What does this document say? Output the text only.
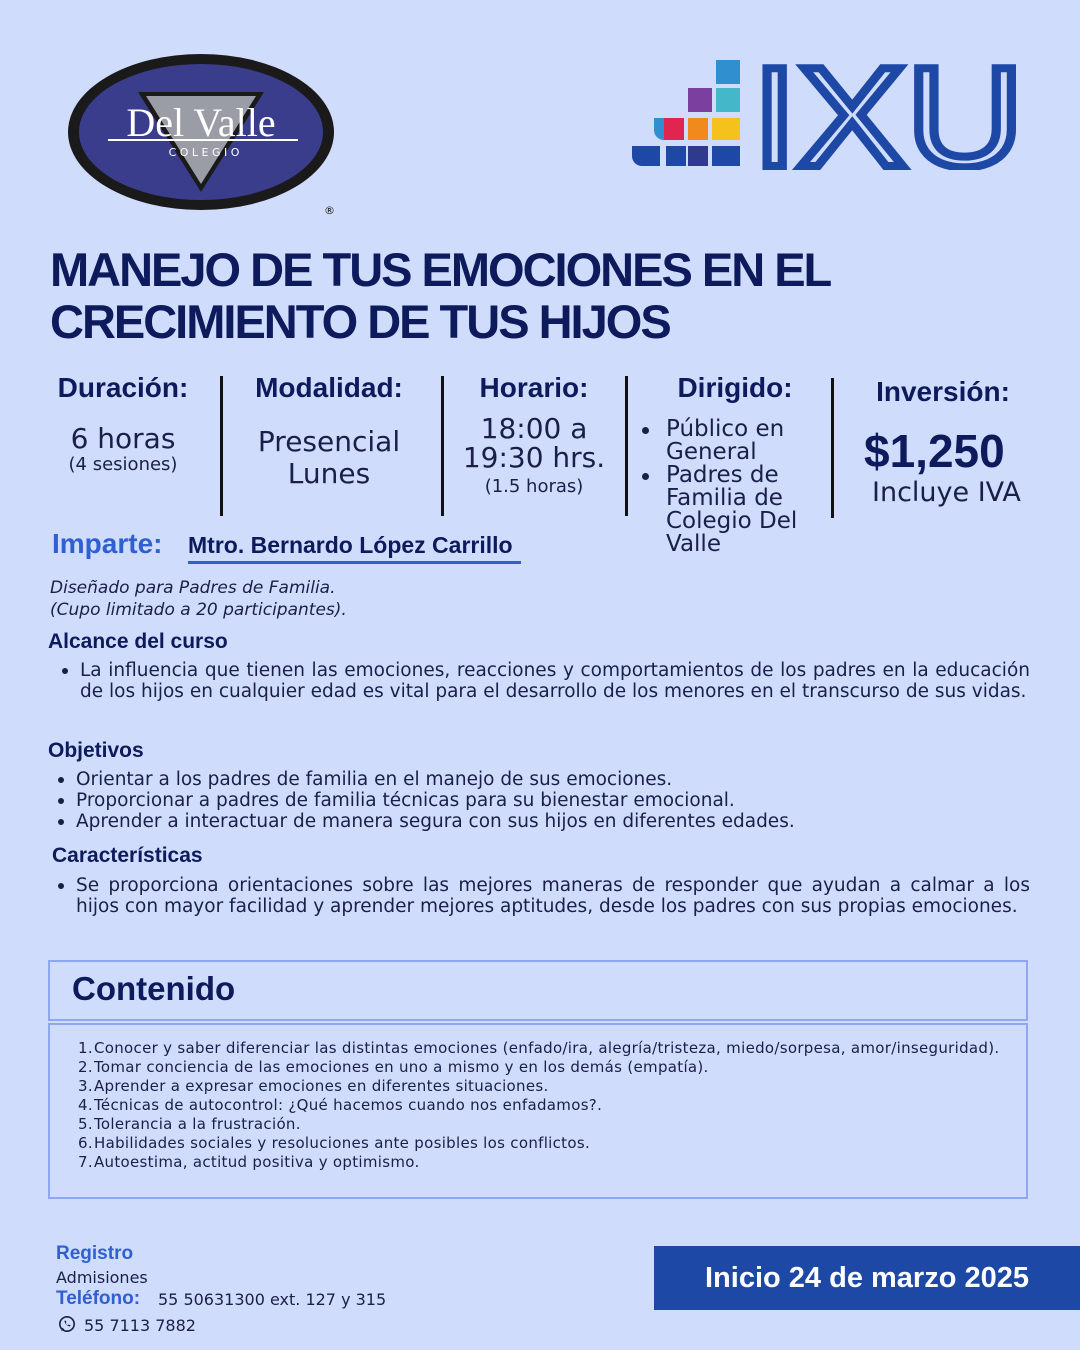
Del Valle
C O L E G I O
®
IXU
MANEJO DE TUS EMOCIONES EN EL
CRECIMIENTO DE TUS HIJOS
Duración:
6 horas
(4 sesiones)
Modalidad:
Presencial
Lunes
Horario:
18:00 a
19:30 hrs.
(1.5 horas)
Dirigido:
Público en General
Padres de Familia de Colegio Del Valle
Inversión:
$1,250
Incluye IVA
Imparte: Mtro. Bernardo López Carrillo
Diseñado para Padres de Familia.
(Cupo limitado a 20 participantes).
Alcance del curso
La influencia que tienen las emociones, reacciones y comportamientos de los padres en la educación de los hijos en cualquier edad es vital para el desarrollo de los menores en el transcurso de sus vidas.
Objetivos
Orientar a los padres de familia en el manejo de sus emociones.
Proporcionar a padres de familia técnicas para su bienestar emocional.
Aprender a interactuar de manera segura con sus hijos en diferentes edades.
Características
Se proporciona orientaciones sobre las mejores maneras de responder que ayudan a calmar a los hijos con mayor facilidad y aprender mejores aptitudes, desde los padres con sus propias emociones.
Contenido
1. Conocer y saber diferenciar las distintas emociones (enfado/ira, alegría/tristeza, miedo/sorpesa, amor/inseguridad).
2. Tomar conciencia de las emociones en uno a mismo y en los demás (empatía).
3. Aprender a expresar emociones en diferentes situaciones.
4. Técnicas de autocontrol: ¿Qué hacemos cuando nos enfadamos?.
5. Tolerancia a la frustración.
6. Habilidades sociales y resoluciones ante posibles los conflictos.
7. Autoestima, actitud positiva y optimismo.
Registro
Admisiones
Teléfono: 55 50631300 ext. 127 y 315
55 7113 7882
Inicio 24 de marzo 2025
